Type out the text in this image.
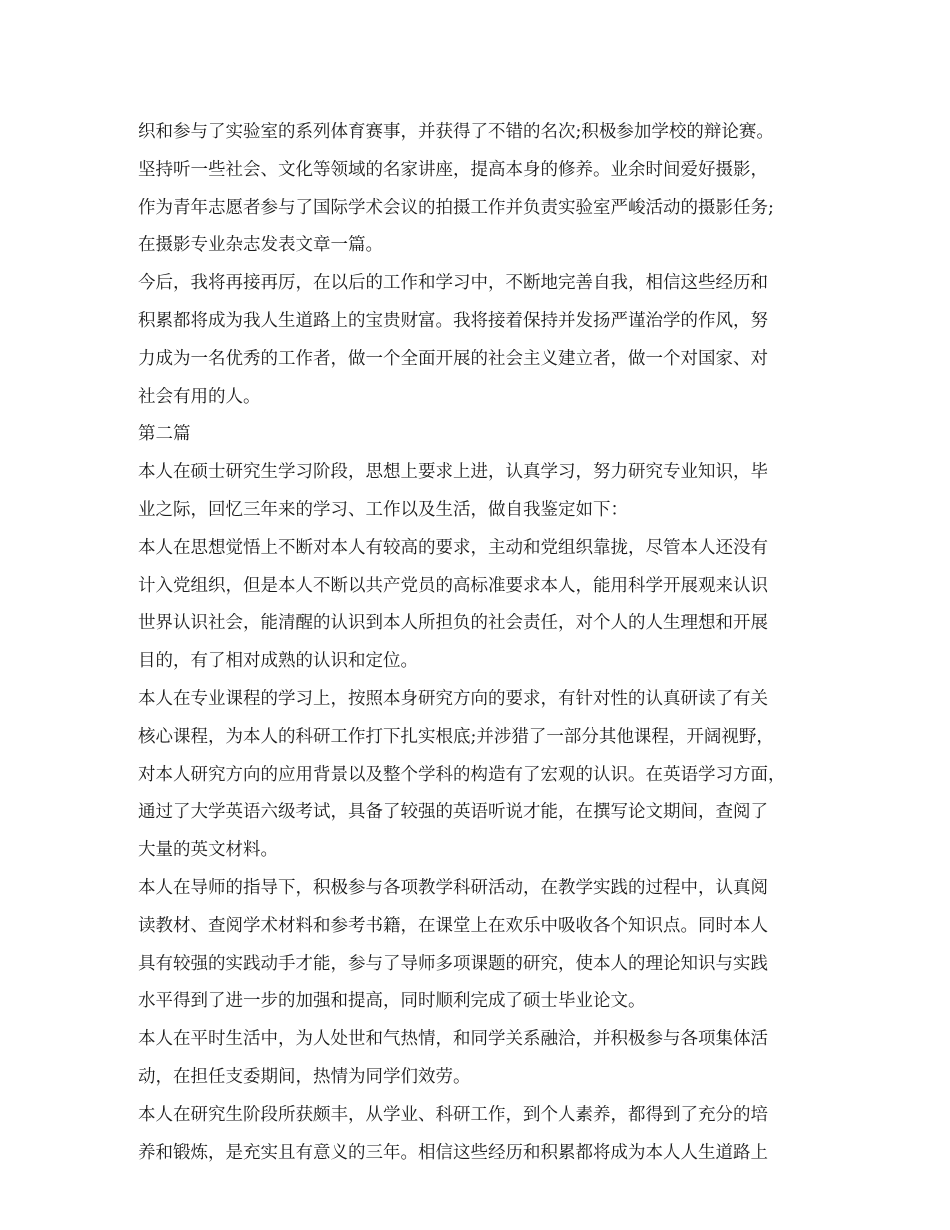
织和参与了实验室的系列体育赛事，并获得了不错的名次;积极参加学校的辩论赛。
坚持听一些社会、文化等领域的名家讲座，提高本身的修养。业余时间爱好摄影，
作为青年志愿者参与了国际学术会议的拍摄工作并负责实验室严峻活动的摄影任务;
在摄影专业杂志发表文章一篇。
今后，我将再接再厉，在以后的工作和学习中，不断地完善自我，相信这些经历和
积累都将成为我人生道路上的宝贵财富。我将接着保持并发扬严谨治学的作风，努
力成为一名优秀的工作者，做一个全面开展的社会主义建立者，做一个对国家、对
社会有用的人。
第二篇
本人在硕士研究生学习阶段，思想上要求上进，认真学习，努力研究专业知识，毕
业之际，回忆三年来的学习、工作以及生活，做自我鉴定如下：
本人在思想觉悟上不断对本人有较高的要求，主动和党组织靠拢，尽管本人还没有
计入党组织，但是本人不断以共产党员的高标准要求本人，能用科学开展观来认识
世界认识社会，能清醒的认识到本人所担负的社会责任，对个人的人生理想和开展
目的，有了相对成熟的认识和定位。
本人在专业课程的学习上，按照本身研究方向的要求，有针对性的认真研读了有关
核心课程，为本人的科研工作打下扎实根底;并涉猎了一部分其他课程，开阔视野，
对本人研究方向的应用背景以及整个学科的构造有了宏观的认识。在英语学习方面，
通过了大学英语六级考试，具备了较强的英语听说才能，在撰写论文期间，查阅了
大量的英文材料。
本人在导师的指导下，积极参与各项教学科研活动，在教学实践的过程中，认真阅
读教材、查阅学术材料和参考书籍，在课堂上在欢乐中吸收各个知识点。同时本人
具有较强的实践动手才能，参与了导师多项课题的研究，使本人的理论知识与实践
水平得到了进一步的加强和提高，同时顺利完成了硕士毕业论文。
本人在平时生活中，为人处世和气热情，和同学关系融洽，并积极参与各项集体活
动，在担任支委期间，热情为同学们效劳。
本人在研究生阶段所获颇丰，从学业、科研工作，到个人素养，都得到了充分的培
养和锻炼，是充实且有意义的三年。相信这些经历和积累都将成为本人人生道路上
